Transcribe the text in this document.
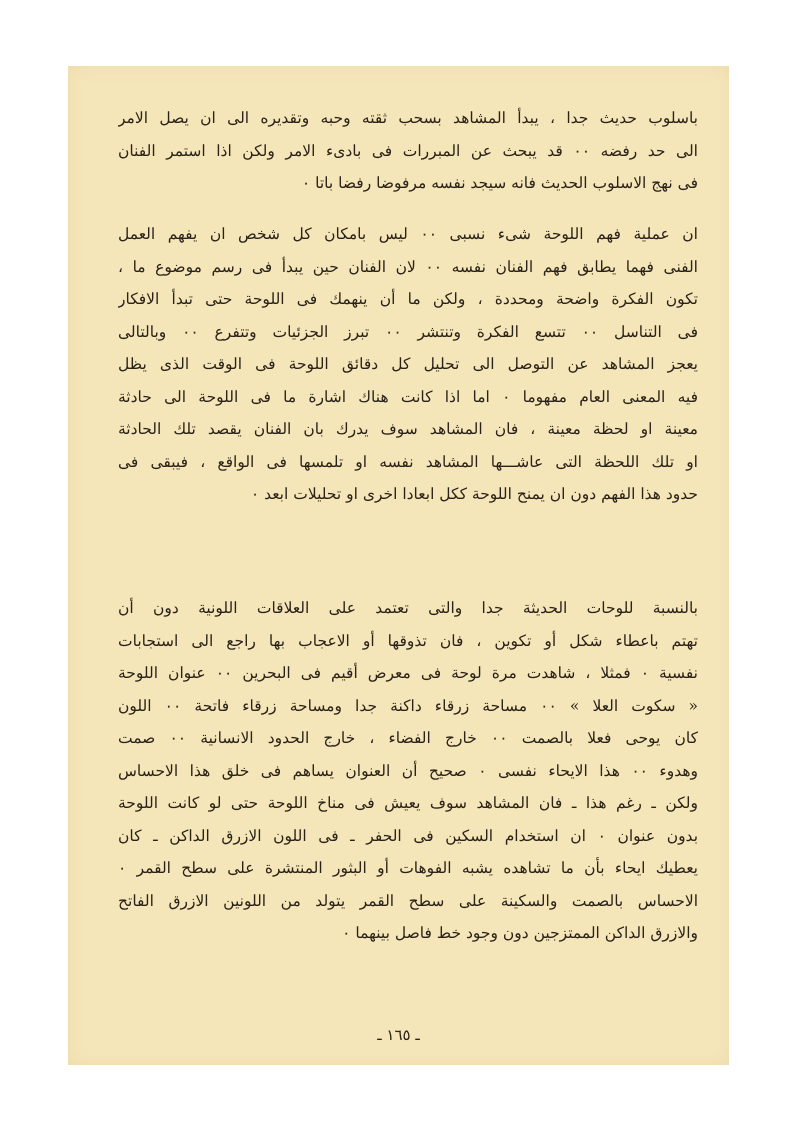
باسلوب حديث جدا ، يبدأ المشاهد بسحب ثقته وحبه وتقديره الى ان يصل الامر
الى حد رفضه ٠٠ قد يبحث عن المبررات فى بادىء الامر ولكن اذا استمر الفنان
فى نهج الاسلوب الحديث فانه سيجد نفسه مرفوضا رفضا باتا ٠
ان عملية فهم اللوحة شىء نسبى ٠٠ ليس بامكان كل شخص ان يفهم العمل
الفنى فهما يطابق فهم الفنان نفسه ٠٠ لان الفنان حين يبدأ فى رسم موضوع ما ،
تكون الفكرة واضحة ومحددة ، ولكن ما أن ينهمك فى اللوحة حتى تبدأ الافكار
فى التناسل ٠٠ تتسع الفكرة وتنتشر ٠٠ تبرز الجزئيات وتتفرع ٠٠ وبالتالى
يعجز المشاهد عن التوصل الى تحليل كل دقائق اللوحة فى الوقت الذى يظل
فيه المعنى العام مفهوما ٠ اما اذا كانت هناك اشارة ما فى اللوحة الى حادثة
معينة او لحظة معينة ، فان المشاهد سوف يدرك بان الفنان يقصد تلك الحادثة
او تلك اللحظة التى عاشـــها المشاهد نفسه او تلمسها فى الواقع ، فيبقى فى
حدود هذا الفهم دون ان يمنح اللوحة ككل ابعادا اخرى او تحليلات ابعد ٠
بالنسبة للوحات الحديثة جدا والتى تعتمد على العلاقات اللونية دون أن
تهتم باعطاء شكل أو تكوين ، فان تذوقها أو الاعجاب بها راجع الى استجابات
نفسية ٠ فمثلا ، شاهدت مرة لوحة فى معرض أقيم فى البحرين ٠٠ عنوان اللوحة
« سكوت العلا » ٠٠ مساحة زرقاء داكنة جدا ومساحة زرقاء فاتحة ٠٠ اللون
كان يوحى فعلا بالصمت ٠٠ خارج الفضاء ، خارج الحدود الانسانية ٠٠ صمت
وهدوء ٠٠ هذا الايحاء نفسى ٠ صحيح أن العنوان يساهم فى خلق هذا الاحساس
ولكن ـ رغم هذا ـ فان المشاهد سوف يعيش فى مناخ اللوحة حتى لو كانت اللوحة
بدون عنوان ٠ ان استخدام السكين فى الحفر ـ فى اللون الازرق الداكن ـ كان
يعطيك ايحاء بأن ما تشاهده يشبه الفوهات أو البثور المنتشرة على سطح القمر ٠
الاحساس بالصمت والسكينة على سطح القمر يتولد من اللونين الازرق الفاتح
والازرق الداكن الممتزجين دون وجود خط فاصل بينهما ٠
ـ ١٦٥ ـ
